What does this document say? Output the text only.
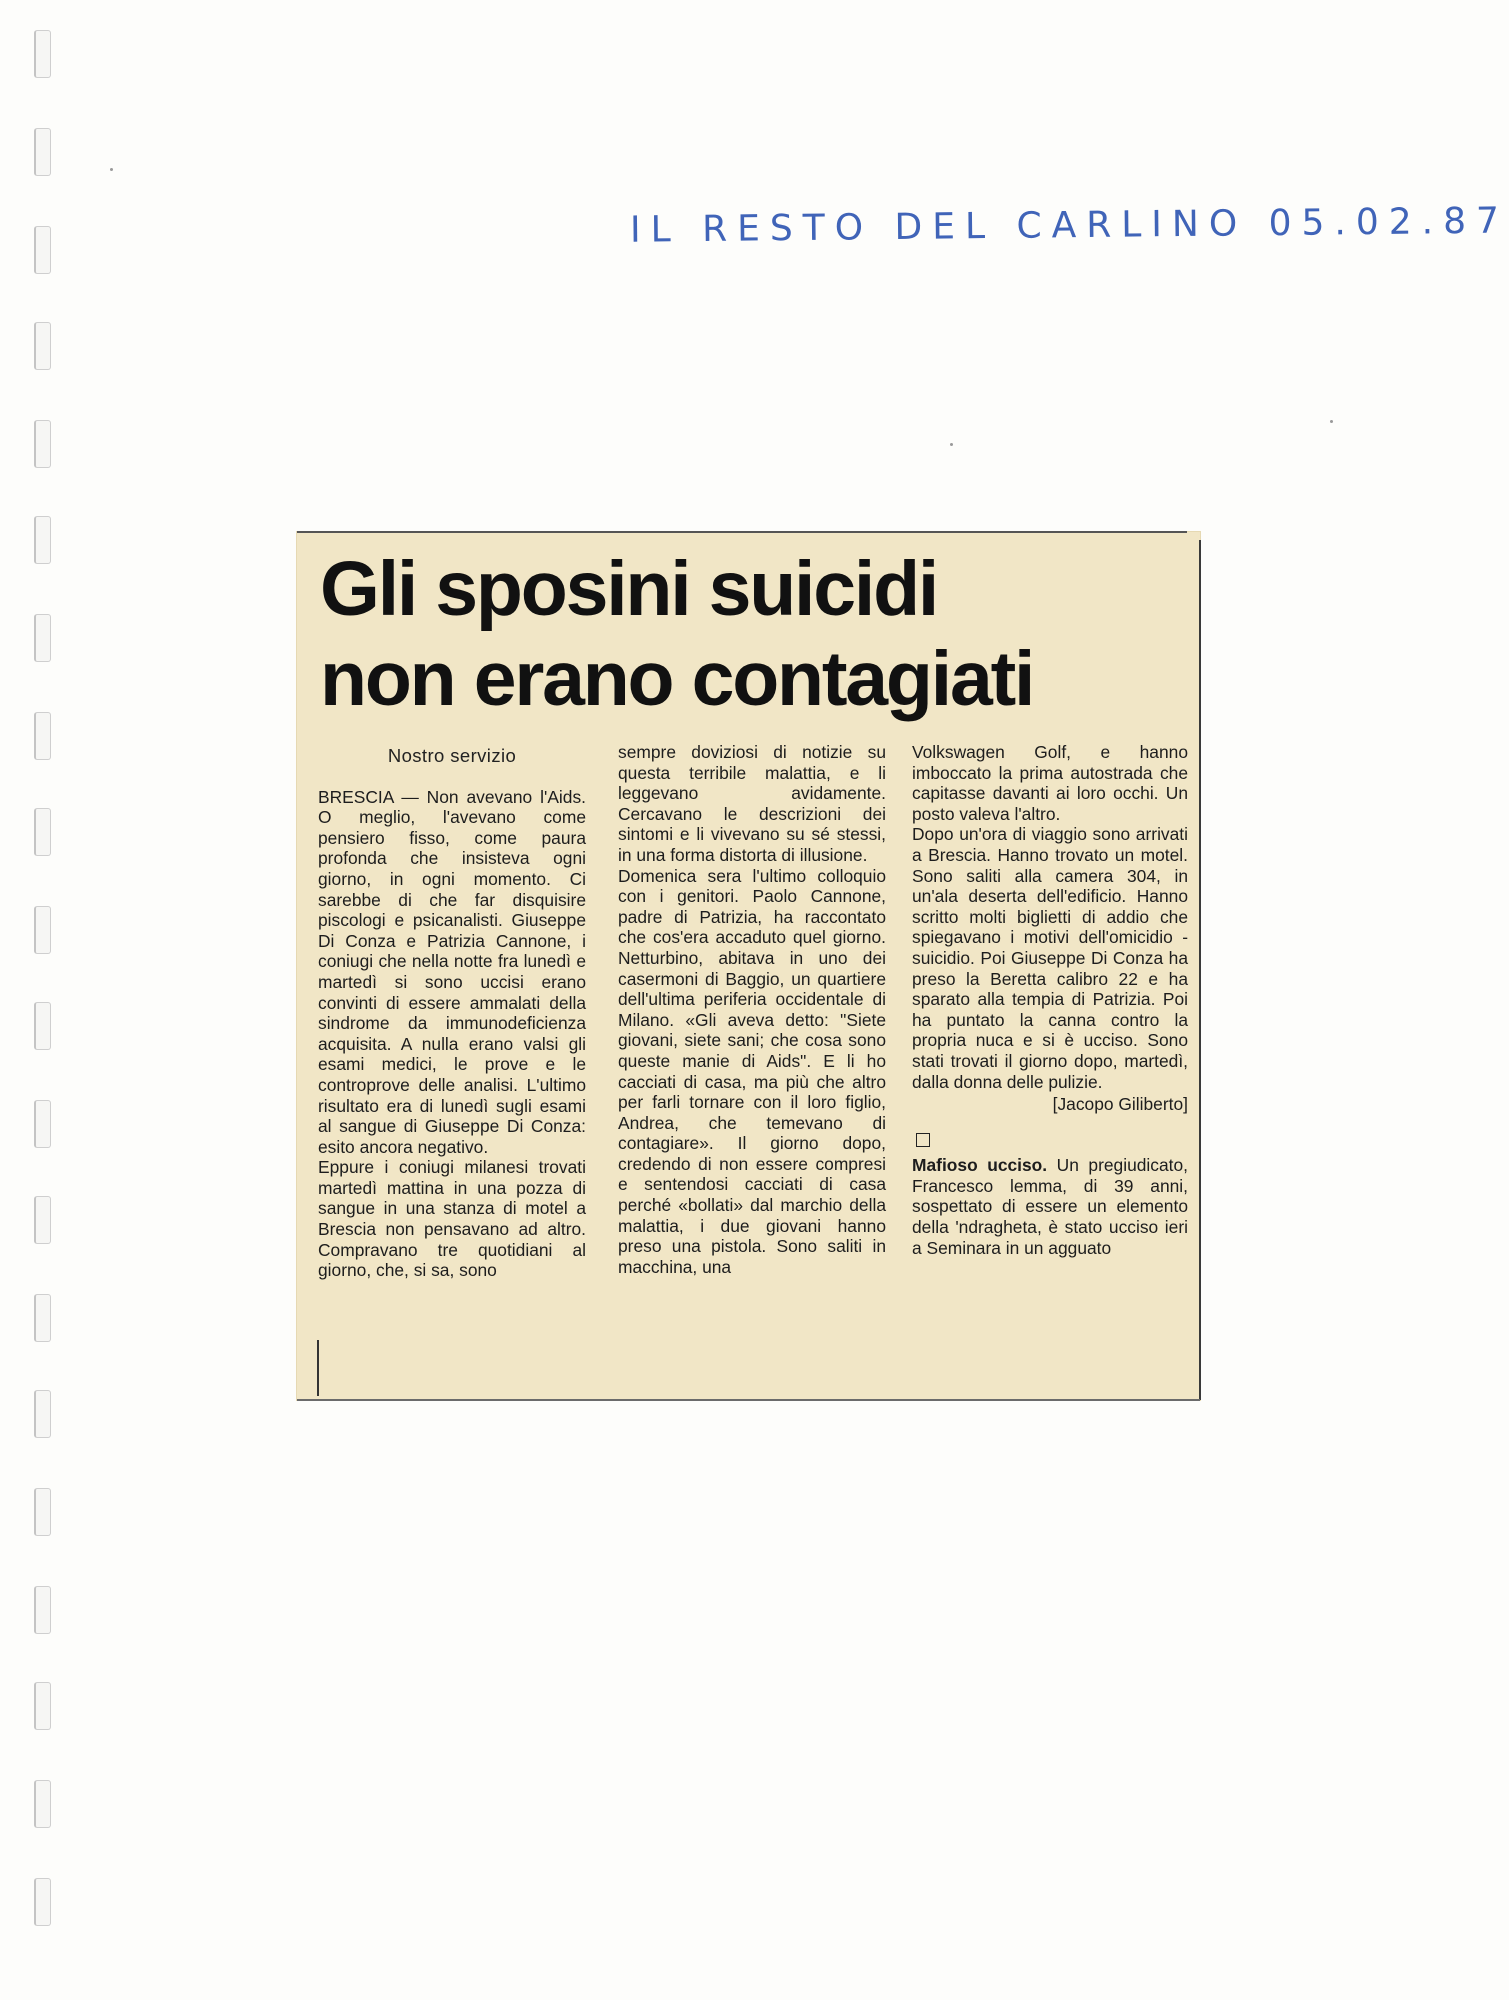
IL RESTO DEL CARLINO 05.02.87
Gli sposini suicidi
non erano contagiati

Nostro servizio

BRESCIA — Non avevano l'Aids. O meglio, l'avevano come pensiero fisso, come paura profonda che insisteva ogni giorno, in ogni momento. Ci sarebbe di che far disquisire piscologi e psicanalisti. Giuseppe Di Conza e Patrizia Cannone, i coniugi che nella notte fra lunedì e martedì si sono uccisi erano convinti di essere ammalati della sindrome da immunodeficienza acquisita. A nulla erano valsi gli esami medici, le prove e le controprove delle analisi. L'ultimo risultato era di lunedì sugli esami al sangue di Giuseppe Di Conza: esito ancora negativo.

Eppure i coniugi milanesi trovati martedì mattina in una pozza di sangue in una stanza di motel a Brescia non pensavano ad altro. Compravano tre quotidiani al giorno, che, si sa, sono

sempre doviziosi di notizie su questa terribile malattia, e li leggevano avidamente. Cercavano le descrizioni dei sintomi e li vivevano su sé stessi, in una forma distorta di illusione.

Domenica sera l'ultimo colloquio con i genitori. Paolo Cannone, padre di Patrizia, ha raccontato che cos'era accaduto quel giorno. Netturbino, abitava in uno dei casermoni di Baggio, un quartiere dell'ultima periferia occidentale di Milano. «Gli aveva detto: "Siete giovani, siete sani; che cosa sono queste manie di Aids". E li ho cacciati di casa, ma più che altro per farli tornare con il loro figlio, Andrea, che temevano di contagiare». Il giorno dopo, credendo di non essere compresi e sentendosi cacciati di casa perché «bollati» dal marchio della malattia, i due giovani hanno preso una pistola. Sono saliti in macchina, una

Volkswagen Golf, e hanno imboccato la prima autostrada che capitasse davanti ai loro occhi. Un posto valeva l'altro.

Dopo un'ora di viaggio sono arrivati a Brescia. Hanno trovato un motel. Sono saliti alla camera 304, in un'ala deserta dell'edificio. Hanno scritto molti biglietti di addio che spiegavano i motivi dell'omicidio - suicidio. Poi Giuseppe Di Conza ha preso la Beretta calibro 22 e ha sparato alla tempia di Patrizia. Poi ha puntato la canna contro la propria nuca e si è ucciso. Sono stati trovati il giorno dopo, martedì, dalla donna delle pulizie.

[Jacopo Giliberto]

Mafioso ucciso. Un pregiudicato, Francesco lemma, di 39 anni, sospettato di essere un elemento della 'ndragheta, è stato ucciso ieri a Seminara in un agguato
